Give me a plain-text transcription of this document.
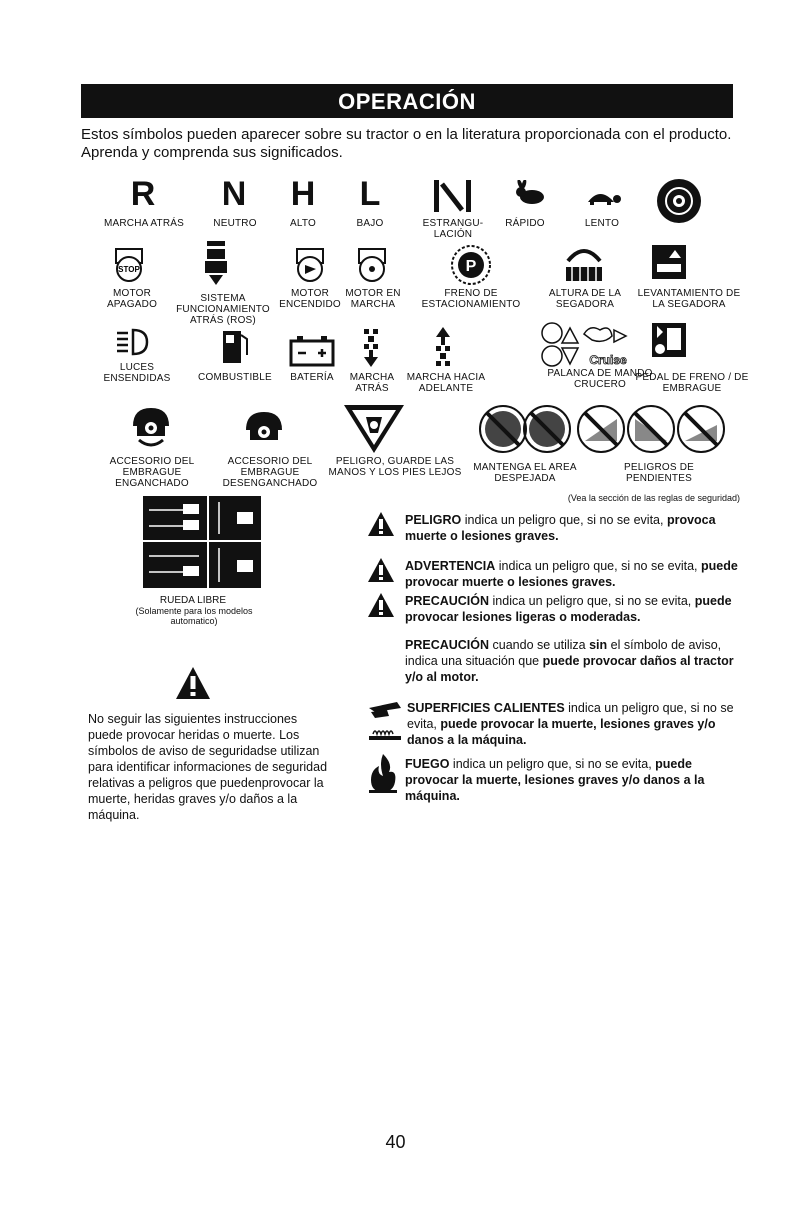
OPERACIÓN
Estos símbolos pueden aparecer sobre su tractor o en la literatura proporcionada con el producto. Aprenda y comprenda sus significados.
R
MARCHA ATRÁS
N
NEUTRO
H
ALTO
L
BAJO	ESTRANGU- LACIÓN
RÁPIDO	LENTO
STOP
MOTOR APAGADO
SISTEMA FUNCIONAMIENTO ATRÁS (ROS)
MOTOR ENCENDIDO
MOTOR EN MARCHA
P
FRENO DE ESTACIONAMIENTO
ALTURA DE LA SEGADORA
LEVANTAMIENTO DE LA SEGADORA
LUCES ENSENDIDAS	COMBUSTIBLE	BATERÍA	MARCHA ATRÁS
MARCHA HACIA ADELANTE
Cruise
PALANCA DE MANDO CRUCERO
PEDAL DE FRENO / DE EMBRAGUE
ACCESORIO DEL EMBRAGUE ENGANCHADO
ACCESORIO DEL EMBRAGUE DESENGANCHADO
PELIGRO, GUARDE LAS MANOS Y LOS PIES LEJOS	MANTENGA EL AREA DESPEJADA
PELIGROS DE PENDIENTES
(Vea la sección de las reglas de seguridad)
RUEDA LIBRE
(Solamente para los modelos automatico)
PELIGRO indica un peligro que, si no se evita, provoca muerte o lesiones graves.
ADVERTENCIA indica un peligro que, si no se evita, puede provocar muerte o lesiones graves.
PRECAUCIÓN indica un peligro que, si no se evita, puede provocar lesiones ligeras o moderadas.
PRECAUCIÓN cuando se utiliza sin el símbolo de aviso, indica una situación que puede provocar daños al tractor y/o al motor.
No seguir las siguientes instrucciones puede provocar heridas o muerte. Los símbolos de aviso de seguridadse utilizan para identificar informaciones de seguridad relativas a peligros que puedenprovocar la muerte, heridas graves y/o daños a la máquina.
SUPERFICIES CALIENTES indica un peligro que, si no se evita, puede provocar la muerte, lesiones graves y/o danos a la máquina.
FUEGO indica un peligro que, si no se evita, puede provocar la muerte, lesiones graves y/o danos a la máquina.
40
